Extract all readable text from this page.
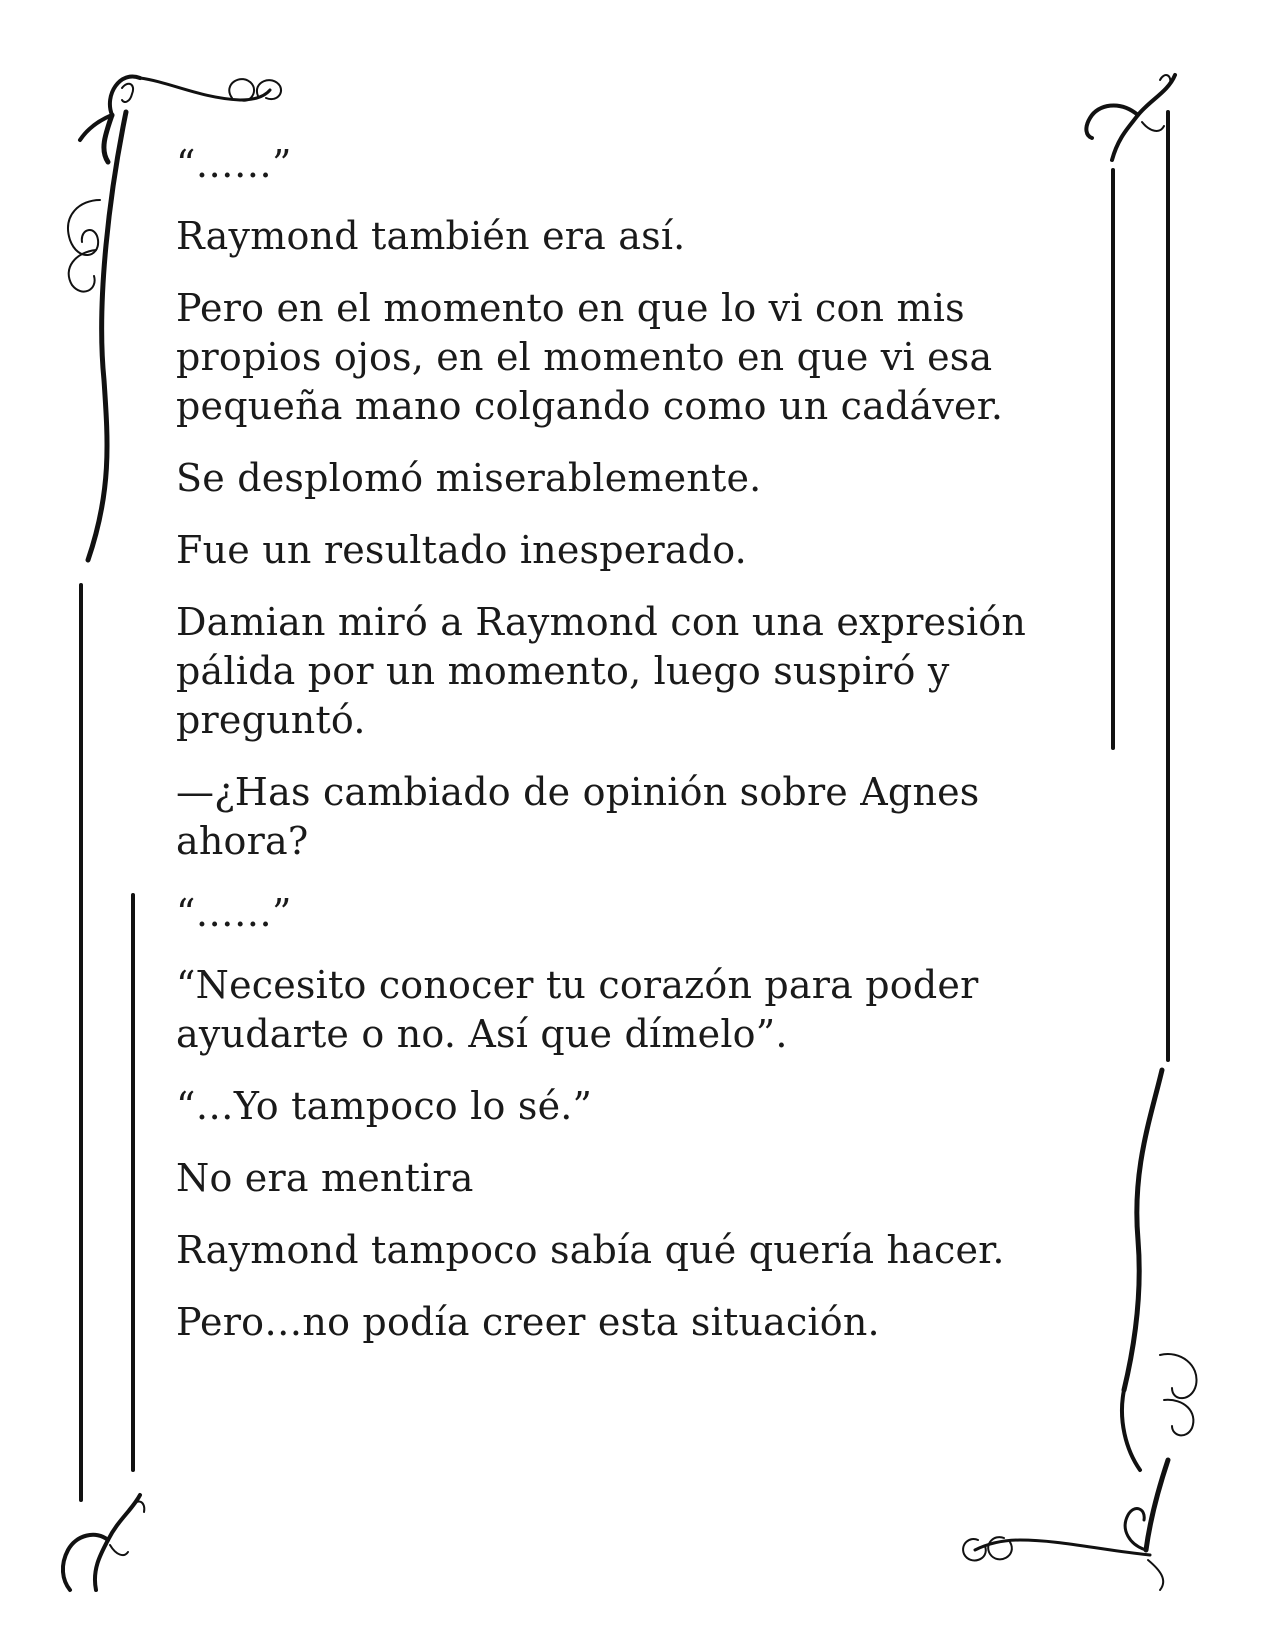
“……”

Raymond también era así.

Pero en el momento en que lo vi con mis
propios ojos, en el momento en que vi esa
pequeña mano colgando como un cadáver.

Se desplomó miserablemente.

Fue un resultado inesperado.

Damian miró a Raymond con una expresión
pálida por un momento, luego suspiró y
preguntó.

—¿Has cambiado de opinión sobre Agnes
ahora?

“……”

“Necesito conocer tu corazón para poder
ayudarte o no. Así que dímelo”.

“…Yo tampoco lo sé.”

No era mentira

Raymond tampoco sabía qué quería hacer.

Pero…no podía creer esta situación.
